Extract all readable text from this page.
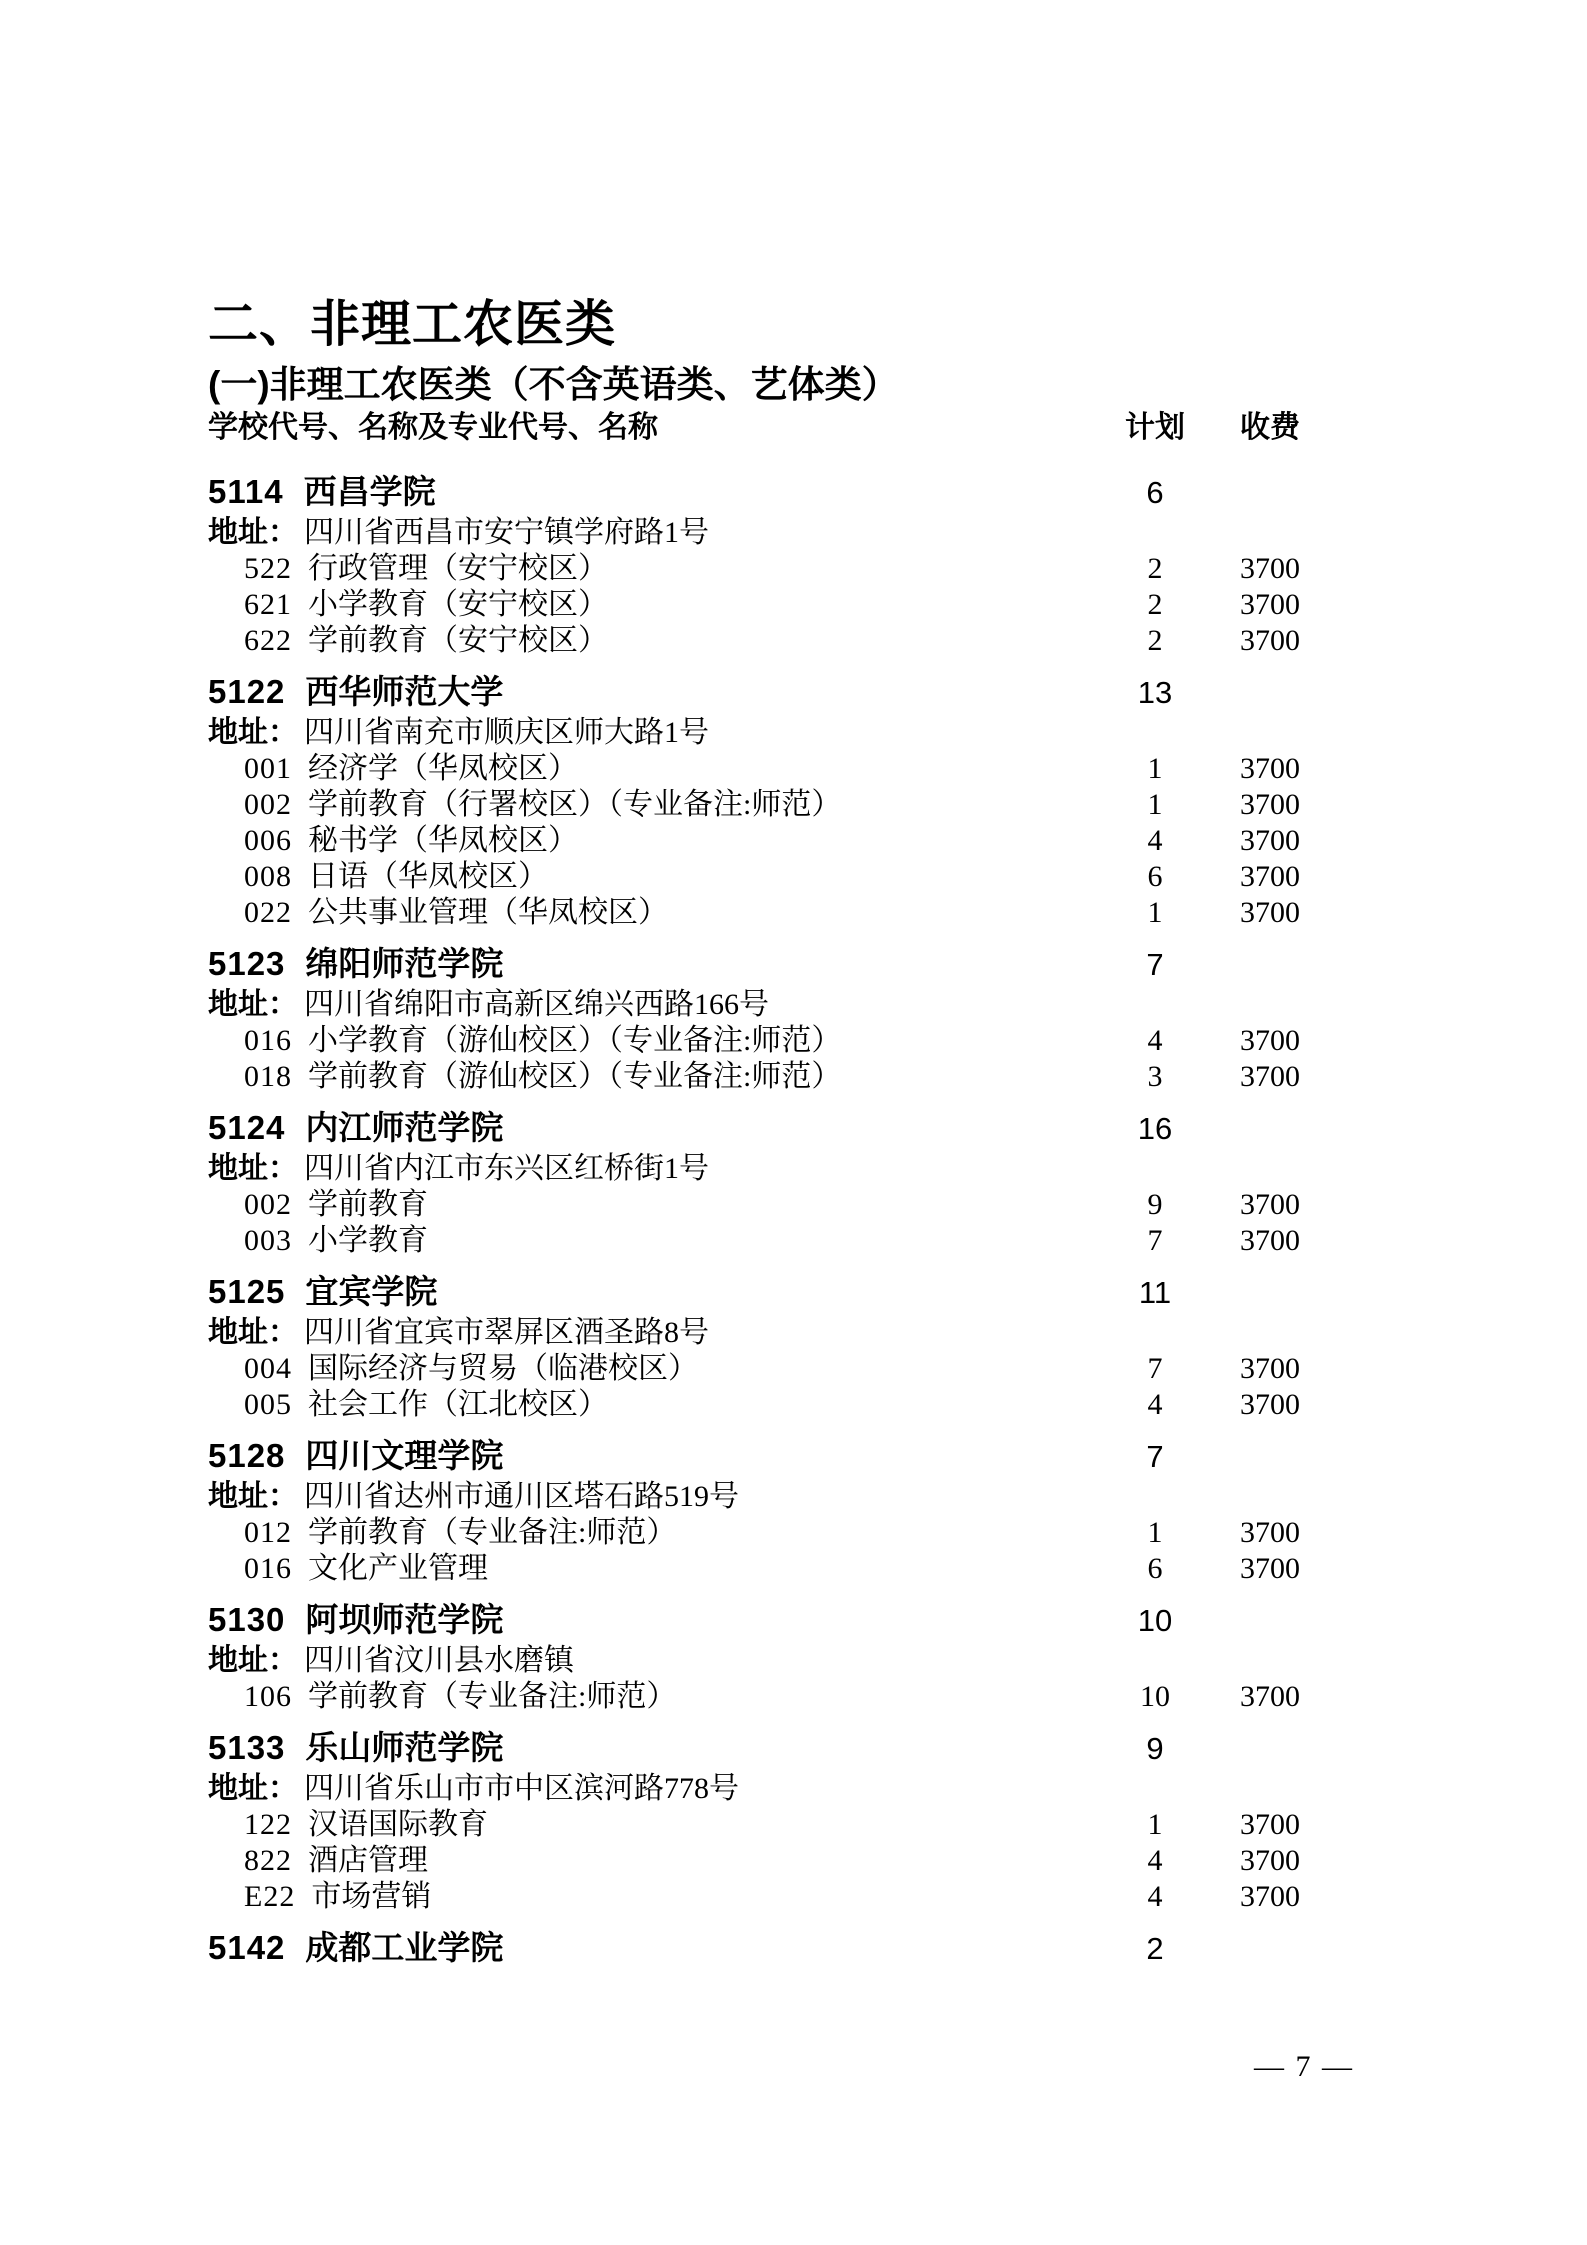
二、非理工农医类
(一)非理工农医类（不含英语类、艺体类）
学校代号、名称及专业代号、名称	计划	收费
5114 西昌学院	6
地址： 四川省西昌市安宁镇学府路1号
522 行政管理（安宁校区）	2	3700
621 小学教育（安宁校区）	2	3700
622 学前教育（安宁校区）	2	3700
5122 西华师范大学	13
地址： 四川省南充市顺庆区师大路1号
001 经济学（华凤校区）	1	3700
002 学前教育（行署校区）（专业备注:师范）	1	3700
006 秘书学（华凤校区）	4	3700
008 日语（华凤校区）	6	3700
022 公共事业管理（华凤校区）	1	3700
5123 绵阳师范学院	7
地址： 四川省绵阳市高新区绵兴西路166号
016 小学教育（游仙校区）（专业备注:师范）	4	3700
018 学前教育（游仙校区）（专业备注:师范）	3	3700
5124 内江师范学院	16
地址： 四川省内江市东兴区红桥街1号
002 学前教育	9	3700
003 小学教育	7	3700
5125 宜宾学院	11
地址： 四川省宜宾市翠屏区酒圣路8号
004 国际经济与贸易（临港校区）	7	3700
005 社会工作（江北校区）	4	3700
5128 四川文理学院	7
地址： 四川省达州市通川区塔石路519号
012 学前教育（专业备注:师范）	1	3700
016 文化产业管理	6	3700
5130 阿坝师范学院	10
地址： 四川省汶川县水磨镇
106 学前教育（专业备注:师范）	10	3700
5133 乐山师范学院	9
地址： 四川省乐山市市中区滨河路778号
122 汉语国际教育	1	3700
822 酒店管理	4	3700
E22 市场营销	4	3700
5142 成都工业学院	2
— 7 —
